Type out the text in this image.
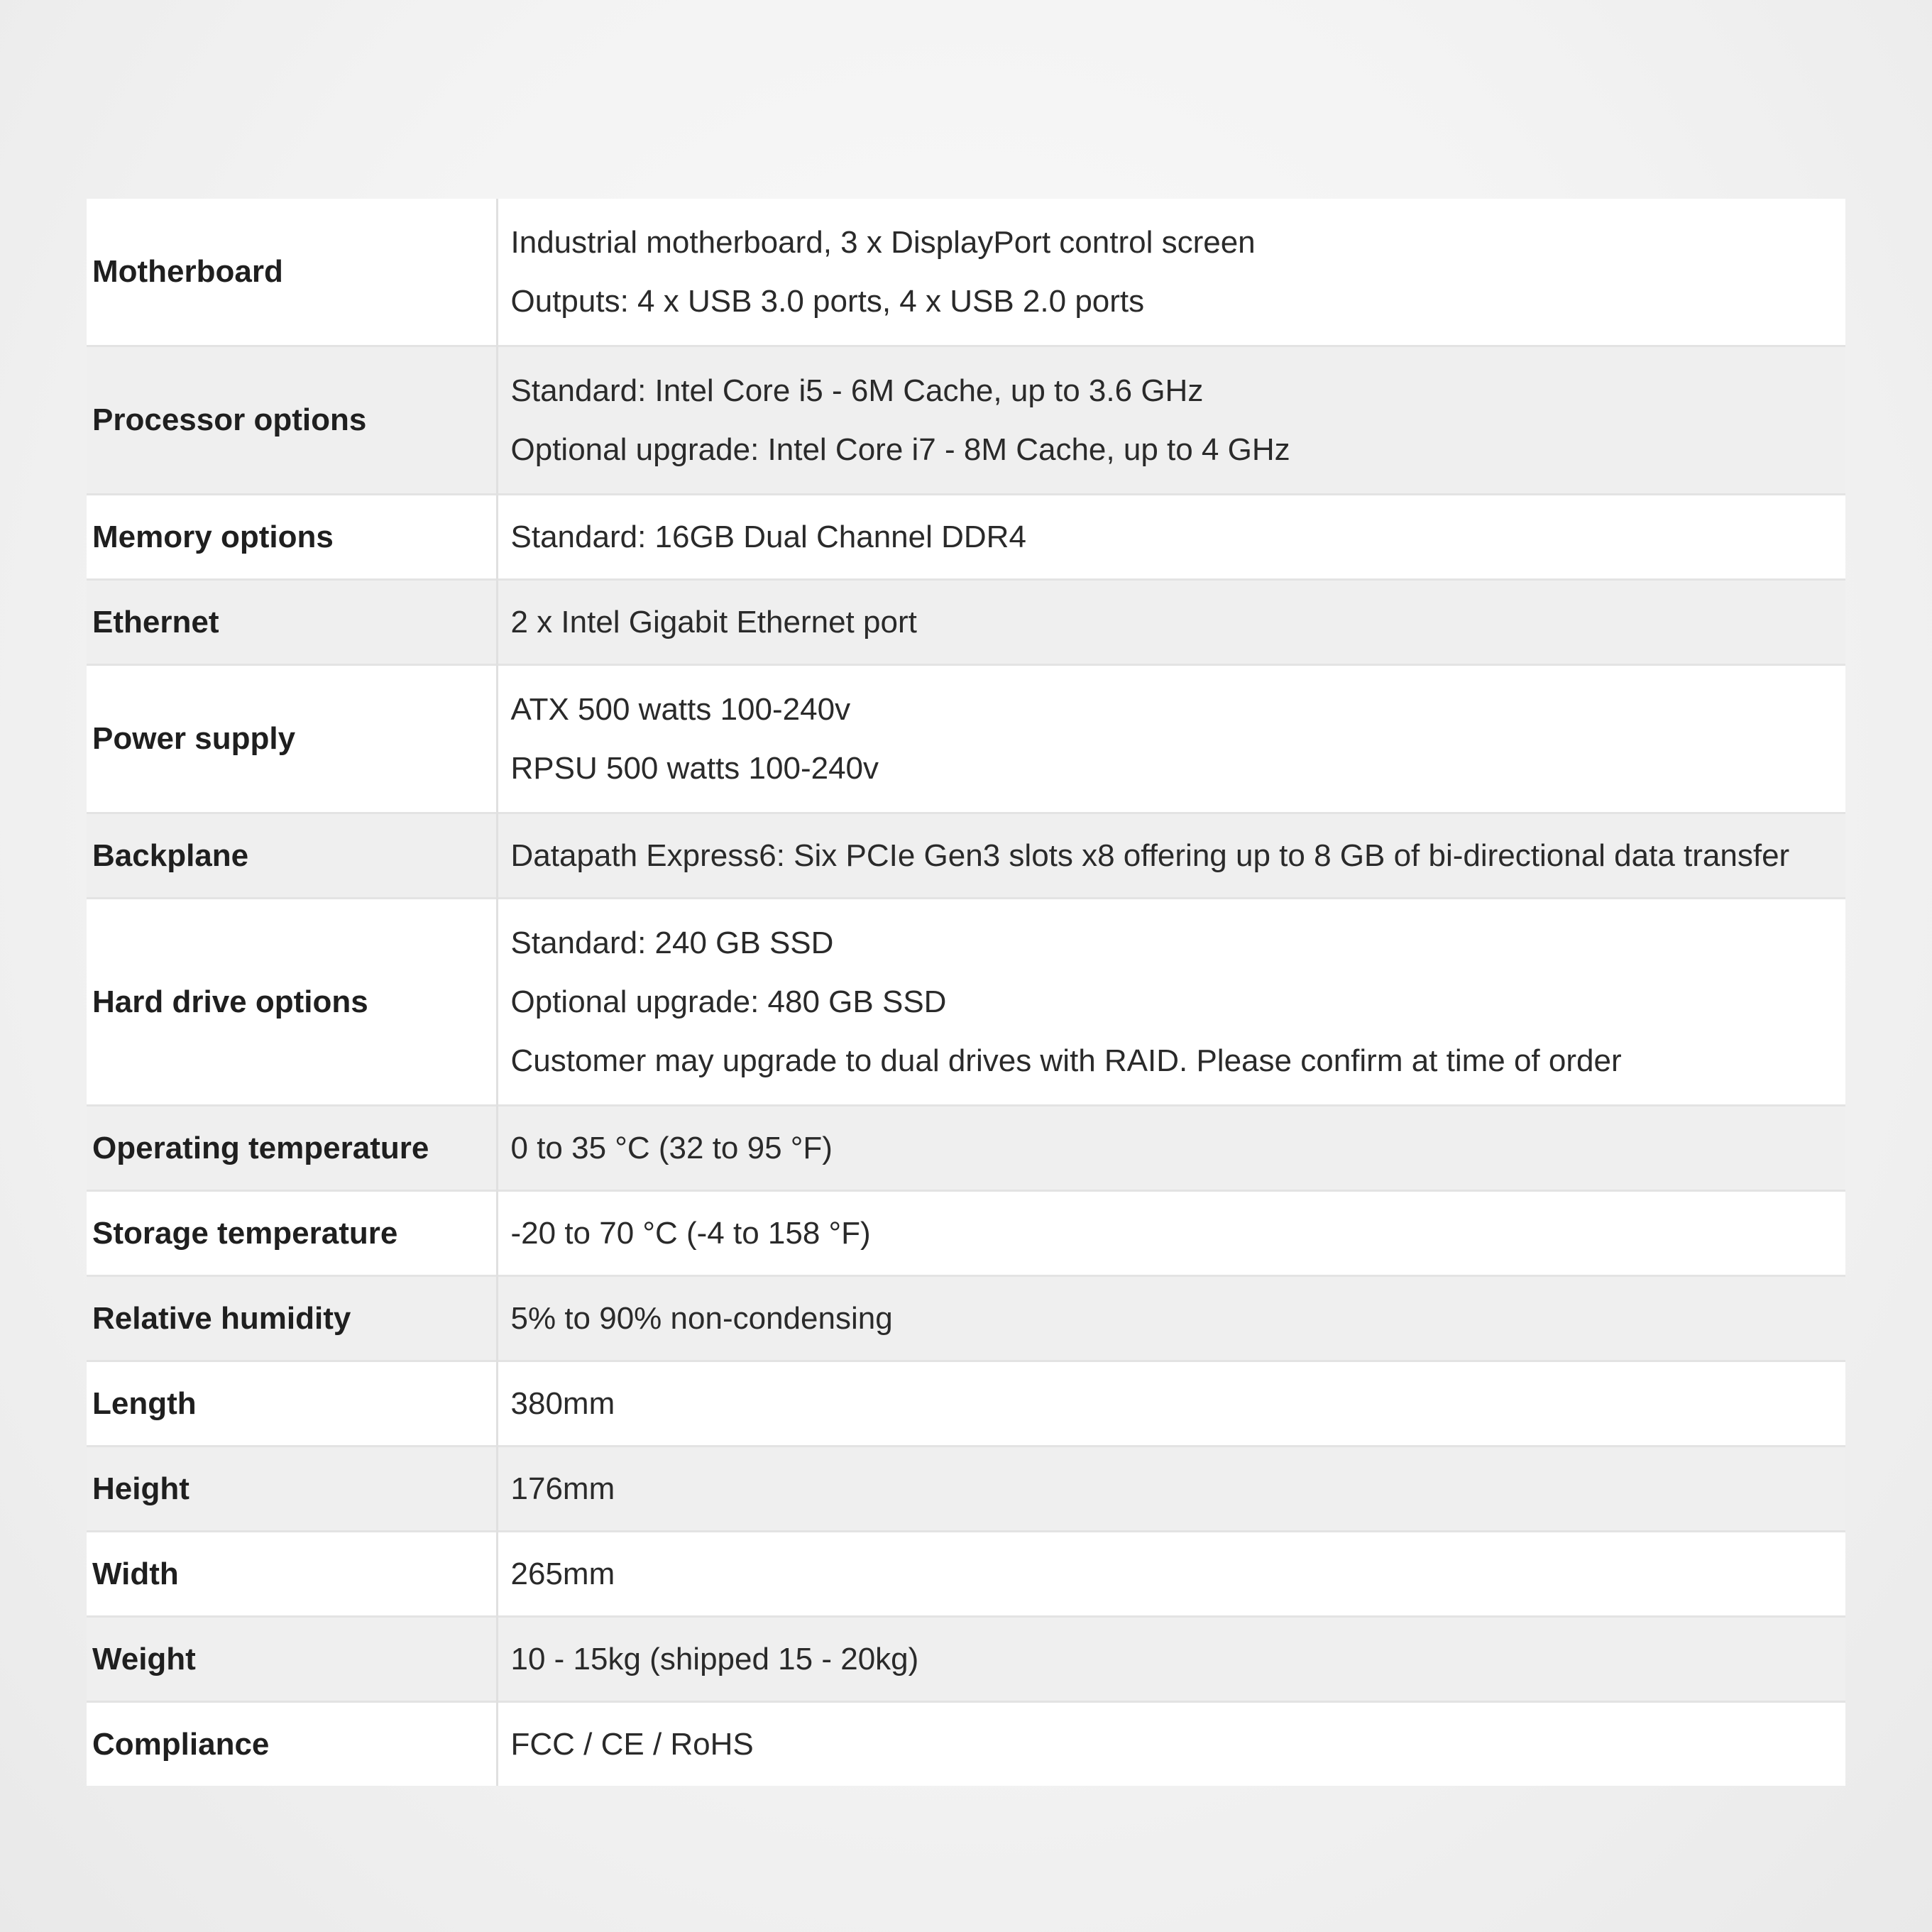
Motherboard	Industrial motherboard, 3 x DisplayPort control screen
Outputs: 4 x USB 3.0 ports, 4 x USB 2.0 ports

Processor options	Standard: Intel Core i5 - 6M Cache, up to 3.6 GHz
Optional upgrade: Intel Core i7 - 8M Cache, up to 4 GHz

Memory options	Standard: 16GB Dual Channel DDR4

Ethernet	2 x Intel Gigabit Ethernet port

Power supply	ATX 500 watts 100-240v
RPSU 500 watts 100-240v

Backplane	Datapath Express6: Six PCIe Gen3 slots x8 offering up to 8 GB of bi-directional data transfer

Hard drive options	Standard: 240 GB SSD
Optional upgrade: 480 GB SSD
Customer may upgrade to dual drives with RAID. Please confirm at time of order

Operating temperature	0 to 35 °C (32 to 95 °F)

Storage temperature	-20 to 70 °C (-4 to 158 °F)

Relative humidity	5% to 90% non-condensing

Length	380mm

Height	176mm

Width	265mm

Weight	10 - 15kg (shipped 15 - 20kg)

Compliance	FCC / CE / RoHS
